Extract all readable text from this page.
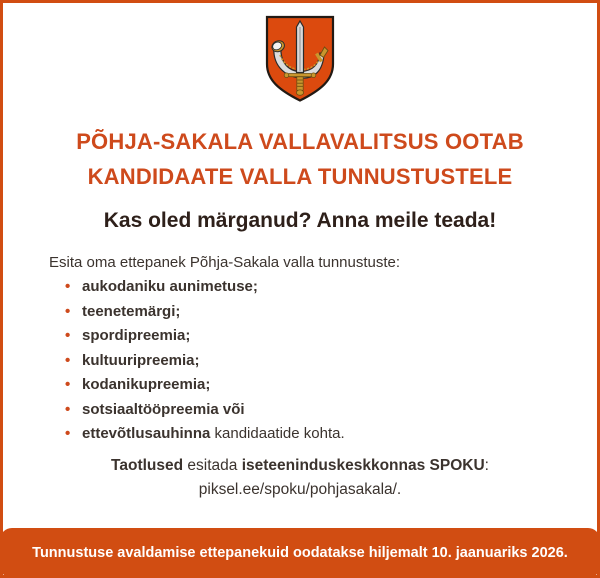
PÕHJA-SAKALA VALLAVALITSUS OOTAB
KANDIDAATE VALLA TUNNUSTUSTELE
Kas oled märganud? Anna meile teada!
Esita oma ettepanek Põhja-Sakala valla tunnustuste:
• aukodaniku aunimetuse;
• teenetemärgi;
• spordipreemia;
• kultuuripreemia;
• kodanikupreemia;
• sotsiaaltööpreemia või
• ettevõtlusauhinna kandidaatide kohta.
Taotlused esitada iseteeninduskeskkonnas SPOKU:
piksel.ee/spoku/pohjasakala/.
Tunnustuse avaldamise ettepanekuid oodatakse hiljemalt 10. jaanuariks 2026.
